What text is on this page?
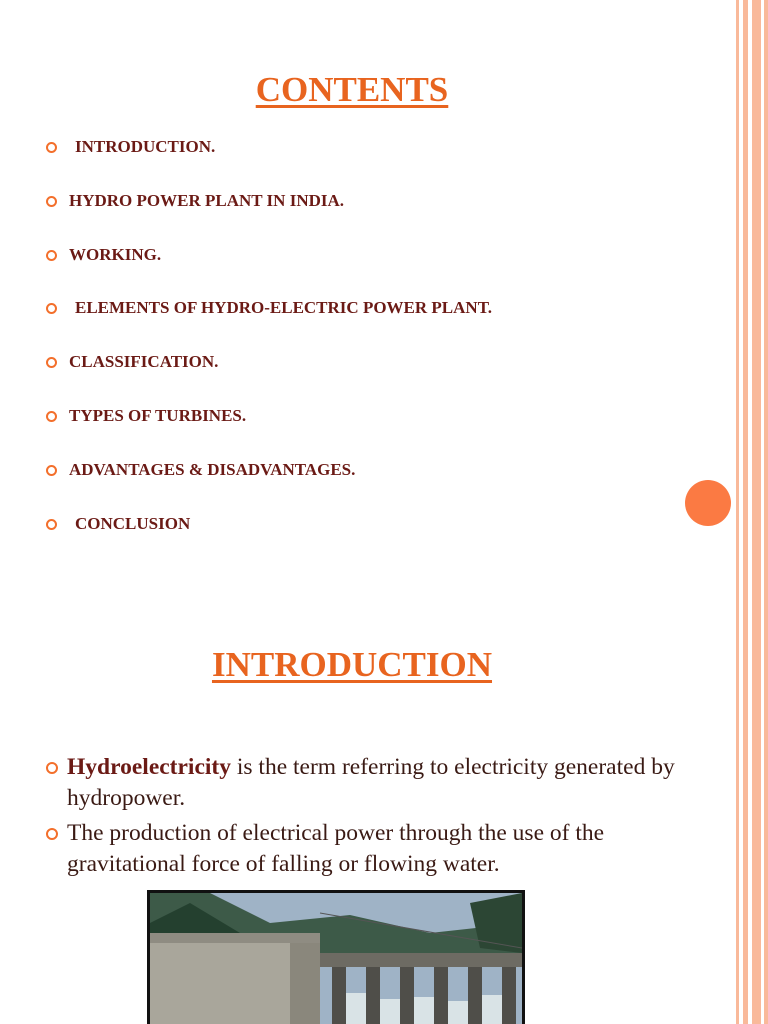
CONTENTS
INTRODUCTION.
HYDRO POWER PLANT IN INDIA.
WORKING.
ELEMENTS OF HYDRO-ELECTRIC POWER PLANT.
CLASSIFICATION.
TYPES OF TURBINES.
ADVANTAGES & DISADVANTAGES.
CONCLUSION
INTRODUCTION
Hydroelectricity is the term referring to electricity generated by hydropower.
The production of electrical power through the use of the gravitational force of falling or flowing water.
